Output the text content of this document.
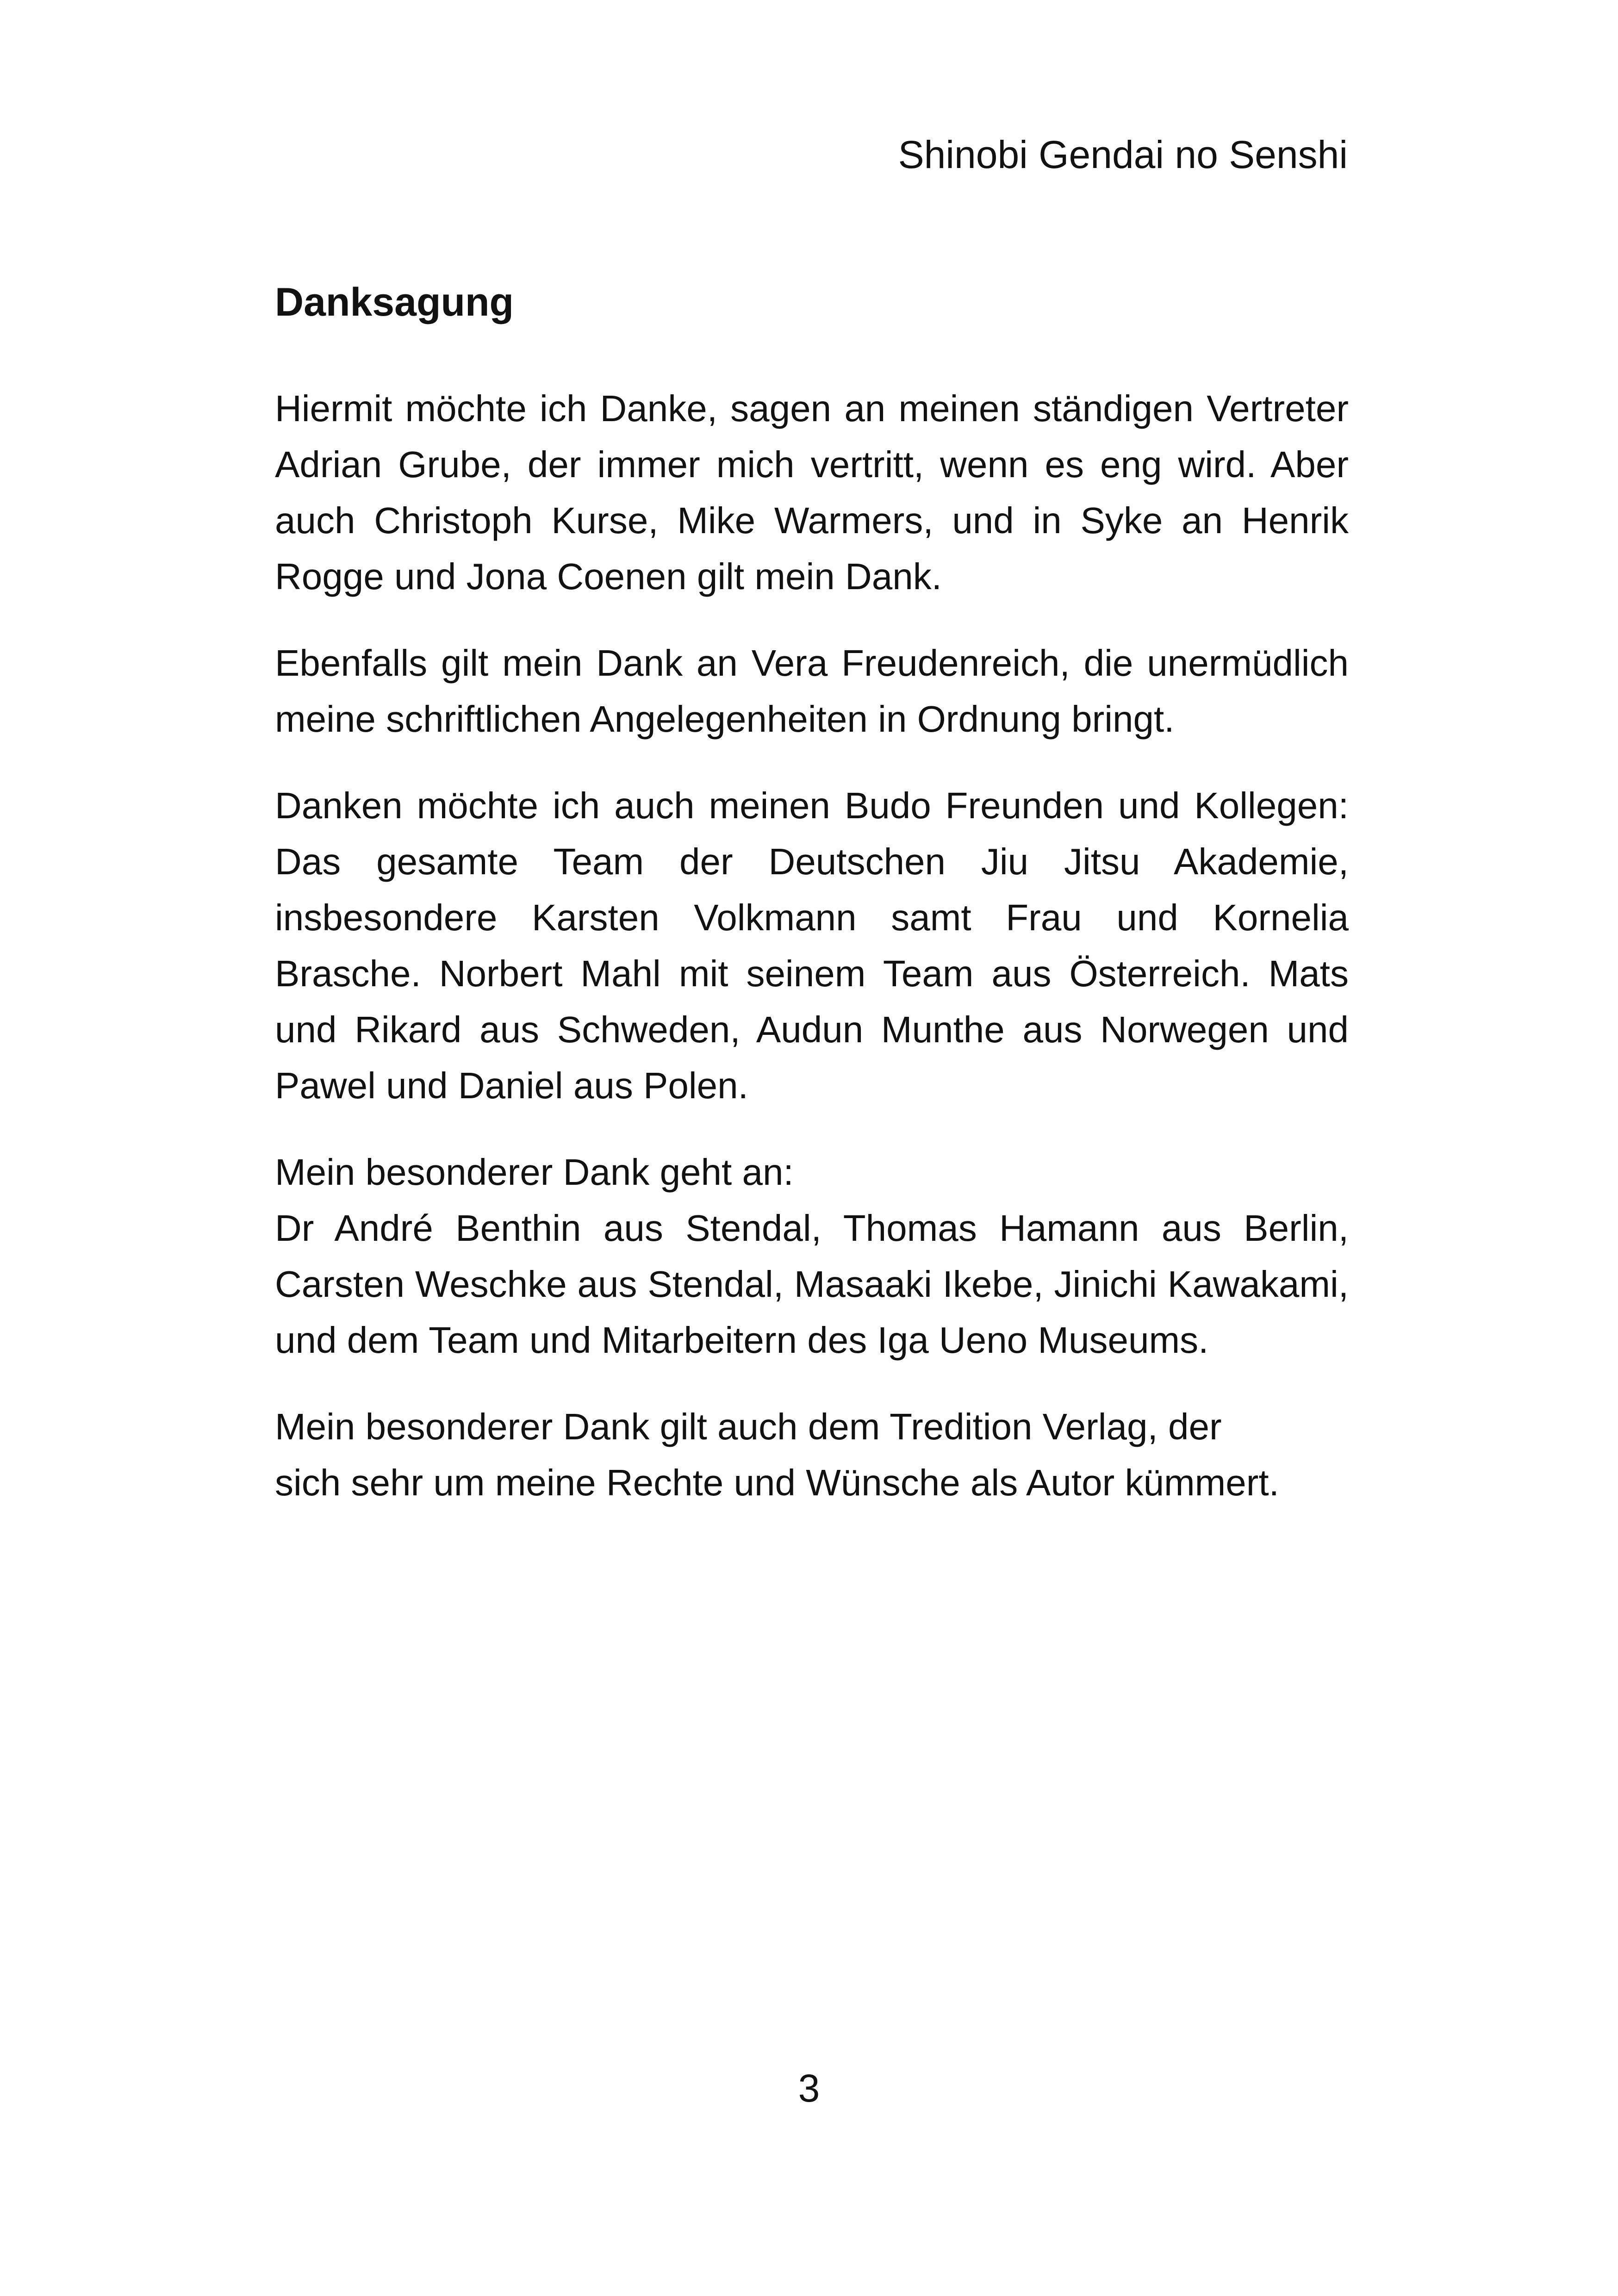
Shinobi Gendai no Senshi
Danksagung

Hiermit möchte ich Danke, sagen an meinen ständigen Vertreter Adrian Grube, der immer mich vertritt, wenn es eng wird. Aber auch Christoph Kurse, Mike Warmers, und in Syke an Henrik Rogge und Jona Coenen gilt mein Dank.

Ebenfalls gilt mein Dank an Vera Freudenreich, die unermüdlich meine schriftlichen Angelegenheiten in Ordnung bringt.

Danken möchte ich auch meinen Budo Freunden und Kollegen: Das gesamte Team der Deutschen Jiu Jitsu Akademie, insbesondere Karsten Volkmann samt Frau und Kornelia Brasche. Norbert Mahl mit seinem Team aus Österreich. Mats und Rikard aus Schweden, Audun Munthe aus Norwegen und Pawel und Daniel aus Polen.

Mein besonderer Dank geht an:
Dr André Benthin aus Stendal, Thomas Hamann aus Berlin, Carsten Weschke aus Stendal, Masaaki Ikebe, Jinichi Kawakami, und dem Team und Mitarbeitern des Iga Ueno Museums.
Mein besonderer Dank gilt auch dem Tredition Verlag, der
sich sehr um meine Rechte und Wünsche als Autor kümmert.
3
